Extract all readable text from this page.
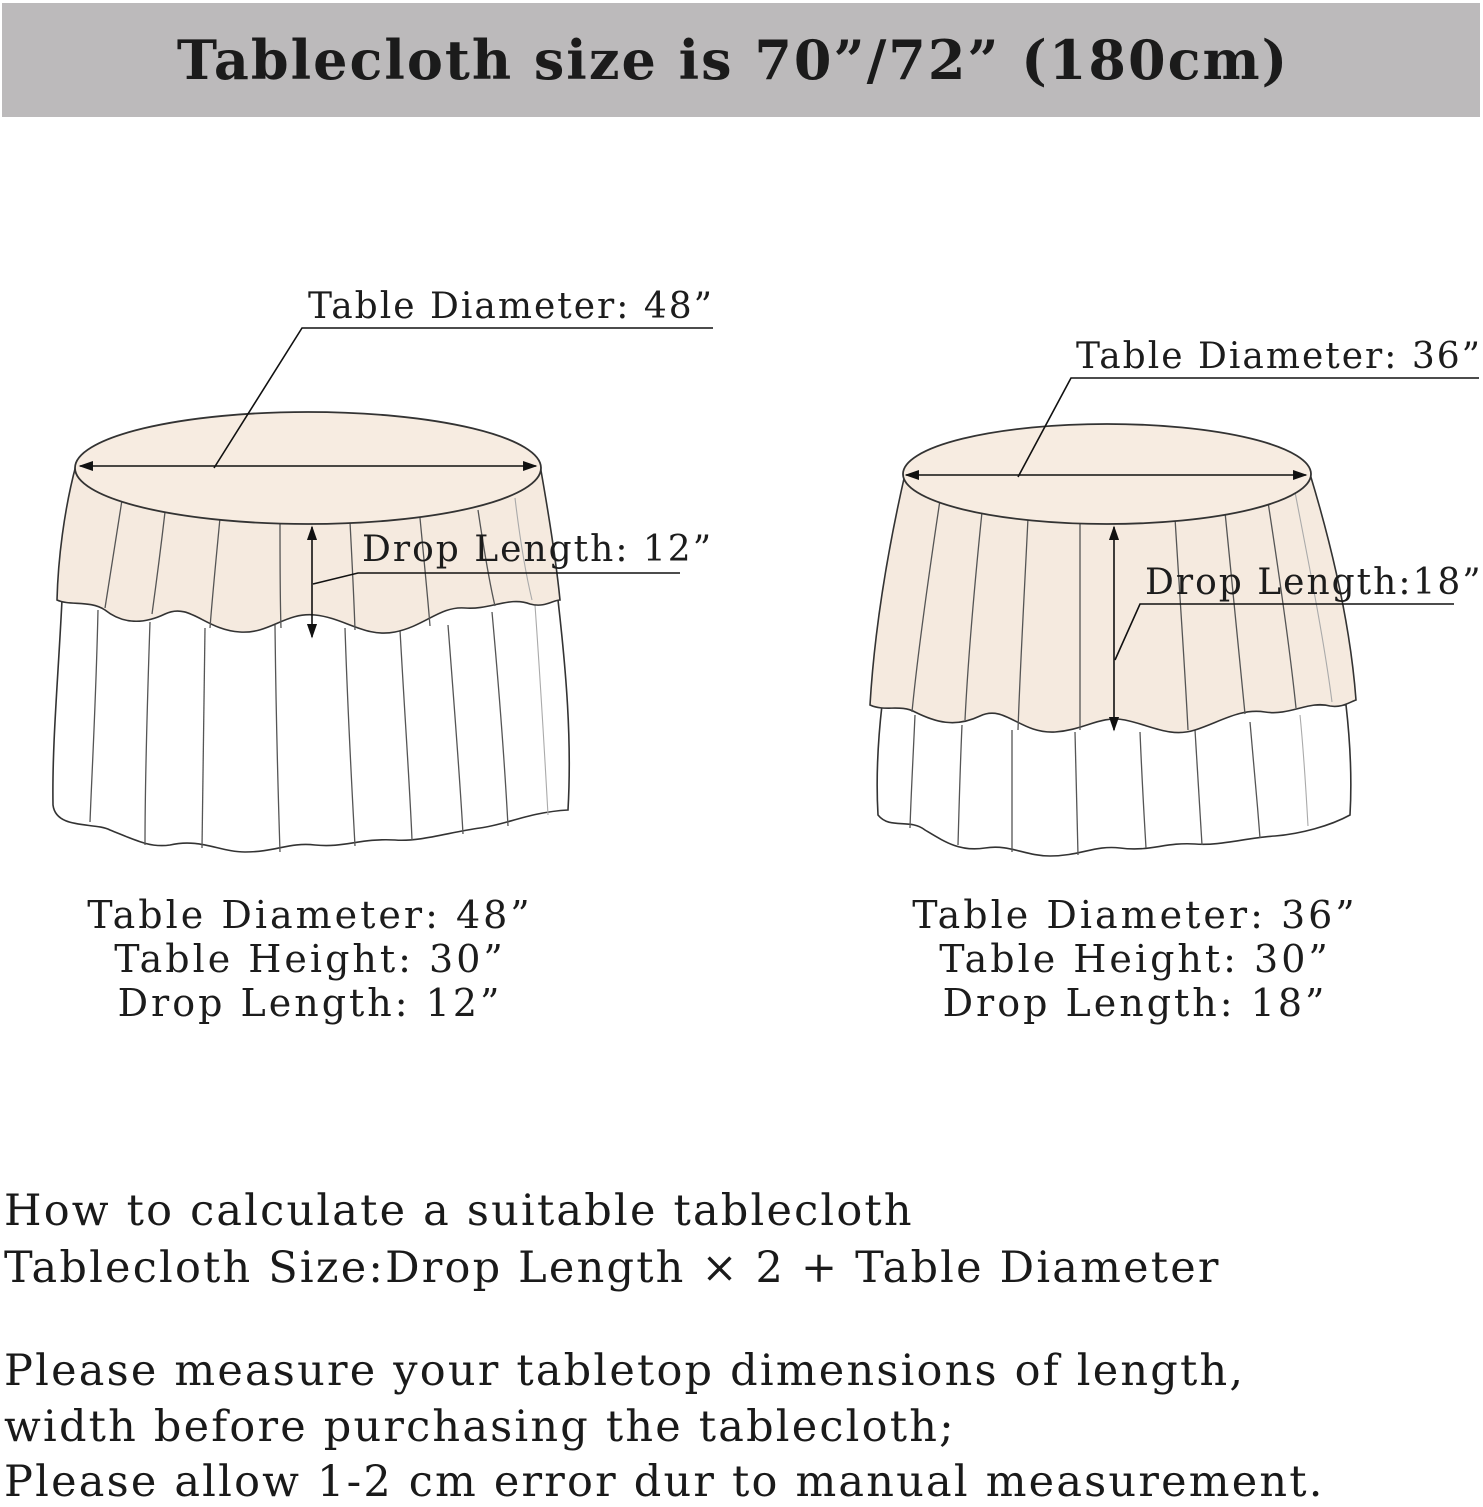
Tablecloth size is 70”/72” (180cm)
Table Diameter: 48”
Drop Length: 12”
Table Diameter: 36”
Drop Length:18”
Table Diameter: 48”
Table Height: 30”
Drop Length: 12”
Table Diameter: 36”
Table Height: 30”
Drop Length: 18”
How to calculate a suitable tablecloth
Tablecloth Size:Drop Length × 2 + Table Diameter
Please measure your tabletop dimensions of length,
width before purchasing the tablecloth;
Please allow 1-2 cm error dur to manual measurement.
